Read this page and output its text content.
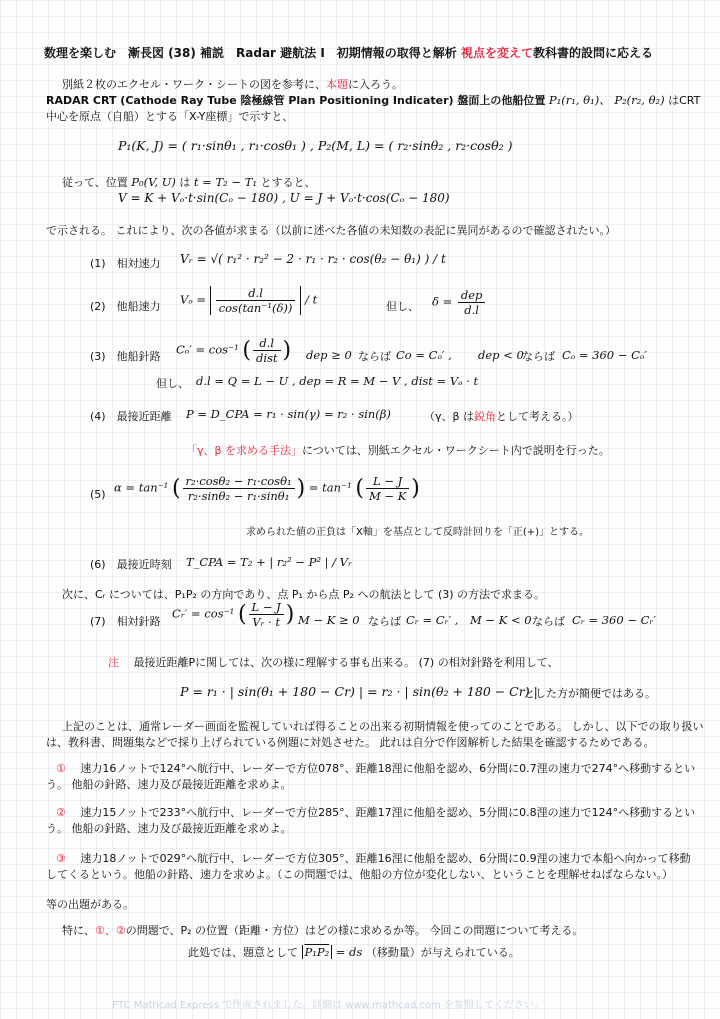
数理を楽しむ　漸長図 (38) 補説　Radar 避航法 I　初期情報の取得と解析 視点を変えて教科書的設問に応える
別紙２枚のエクセル・ワーク・シートの図を参考に、本題に入ろう。
RADAR CRT (Cathode Ray Tube 陰極線管 Plan Positioning Indicater) 盤面上の他船位置 P₁(r₁, θ₁)、 P₂(r₂, θ₂) はCRT
中心を原点（自船）とする「X-Y座標」で示すと、
P₁(K, J) = ( r₁·sinθ₁ , r₁·cosθ₁ ) , P₂(M, L) = ( r₂·sinθ₂ , r₂·cosθ₂ )
従って、位置 P₀(V, U) は t = T₂ − T₁ とすると、
V = K + Vₒ·t·sin(Cₒ − 180) , U = J + Vₒ·t·cos(Cₒ − 180)
で示される。 これにより、次の各値が求まる（以前に述べた各値の未知数の表記に異同があるので確認されたい。）
(1)　相対速力 Vᵣ = √( r₁² · r₂² − 2 · r₁ · r₂ · cos(θ₂ − θ₁) ) / t
(2)　他船速力 $V_o = \frac{d.l}{\text{cos(tan⁻¹(δ))}} / t$	但し、 $\delta = \frac{\text{dep}}{d.l}$
(3)　他船針路 Cₒ′ = cos⁻¹ ( $\frac{d.l}{\text{dist}}$ ) dep ≥ 0 ならば Co = Cₒ′ , dep < 0
ならば Cₒ = 360 − Cₒ′
但し、 d.l = Q = L − U , dep = R = M − V , dist = Vₒ · t
(4)　最接近距離 P = D_CPA = r₁ · sin(γ) = r₂ · sin(β)	（γ、β は鋭角として考える。）
「γ、β を求める手法」については、別紙エクセル・ワークシート内で説明を行った。
(5) α = tan⁻¹ ( $\frac{\text{r₂·cosθ₂ − r₁·cosθ₁}}{\text{r₂·sinθ₂ − r₁·sinθ₁}}$ ) = tan⁻¹ ( $\frac{L - J}{M - K}$ )
求められた値の正負は「X軸」を基点として反時計回りを「正(+)」とする。
(6)　最接近時刻 T_CPA = T₂ + | r₂² − P² | / Vᵣ
次に、Cᵣ については、P₁P₂ の方向であり、点 P₁ から点 P₂ への航法として (3) の方法で求まる。
(7)　相対針路
Cᵣ′ = cos⁻¹ ( $\frac{L - J}{\text{Vᵣ · t}}$ ) M − K ≥ 0 ならば Cᵣ = Cᵣ′ , M − K < 0 ならば Cᵣ = 360 − Cᵣ′
注　 最接近距離Pに関しては、次の様に理解する事も出来る。 (7) の相対針路を利用して、
P = r₁ · | sin(θ₁ + 180 − Cr) | = r₂ · | sin(θ₂ + 180 − Cr) |
とした方が簡便ではある。
上記のことは、通常レーダー画面を監視していれば得ることの出来る初期情報を使ってのことである。 しかし、以下での取り扱い
は、教科書、問題集などで採り上げられている例題に対処させた。 此れは自分で作図解析した結果を確認するためである。
①　 速力16ノットで124°へ航行中、レーダーで方位078°、距離18浬に他船を認め、6分間に0.7浬の速力で274°へ移動するとい
う。 他船の針路、速力及び最接近距離を求めよ。
②　 速力15ノットで233°へ航行中、レーダーで方位285°、距離17浬に他船を認め、5分間に0.8浬の速力で124°へ移動するとい
う。 他船の針路、速力及び最接近距離を求めよ。
③　 速力18ノットで029°へ航行中、レーダーで方位305°、距離16浬に他船を認め、6分間に0.9浬の速力で本船へ向かって移動
してくるという。他船の針路、速力を求めよ。（この問題では、他船の方位が変化しない、ということを理解せねばならない。）
等の出題がある。
特に、①、②の問題で、P₂ の位置（距離・方位）はどの様に求めるか等。 今回この問題について考える。
此処では、題意として P₁P₂ = ds （移動量）が与えられている。
PTC Mathcad Express で作成されました。詳細は www.mathcad.com を参照してください。
